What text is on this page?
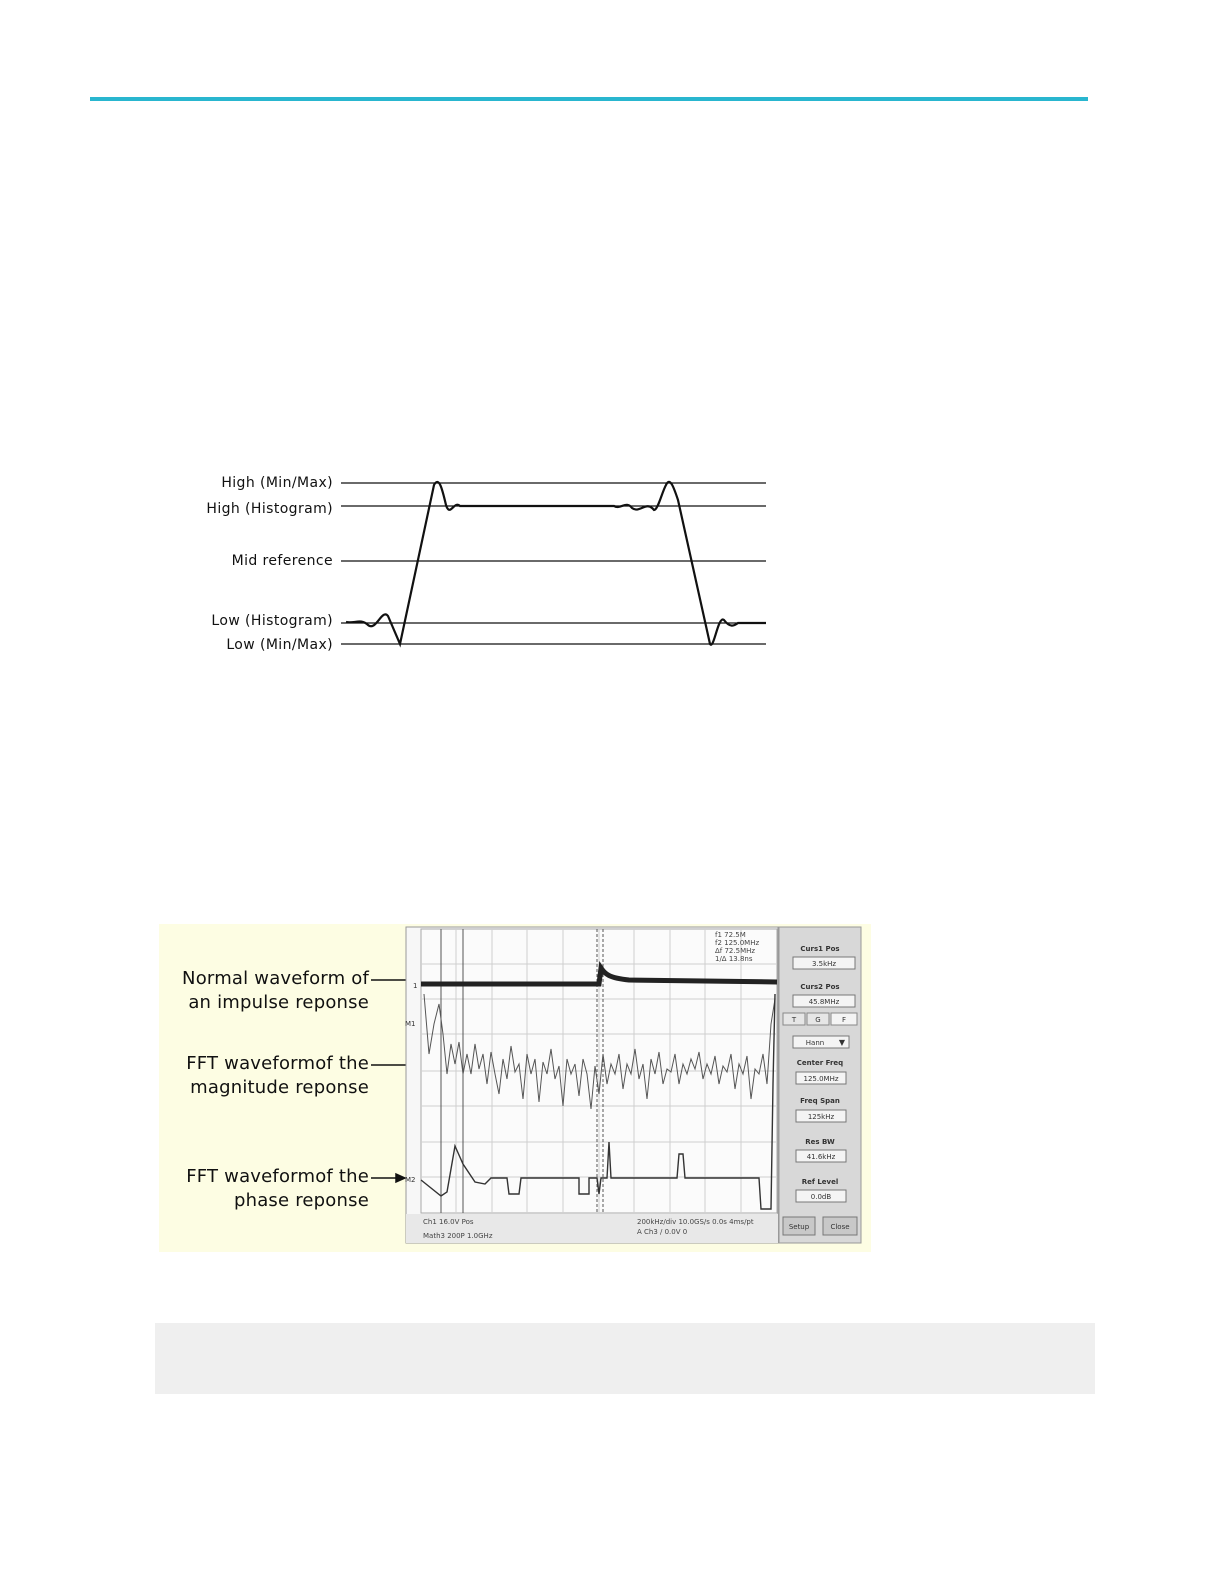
High (Min/Max)
High (Histogram)
Mid reference
Low (Histogram)
Low (Min/Max)
Normal waveform of
an impulse reponse
FFT waveformof the
magnitude reponse
FFT waveformof the
phase reponse
1
M1
M2
f1 72.5M
f2 125.0MHz
Δf 72.5MHz
1/Δ 13.8ns
Ch1 16.0V Pos
Math3 200P 1.0GHz
200kHz/div 10.0GS/s 0.0s 4ms/pt
A Ch3 / 0.0V 0
Curs1 Pos
3.5kHz
Curs2 Pos
45.8MHz
T	G	F
Hann ▼
Center Freq
125.0MHz
Freq Span
125kHz
Res BW
41.6kHz
Ref Level
0.0dB
Setup	Close
